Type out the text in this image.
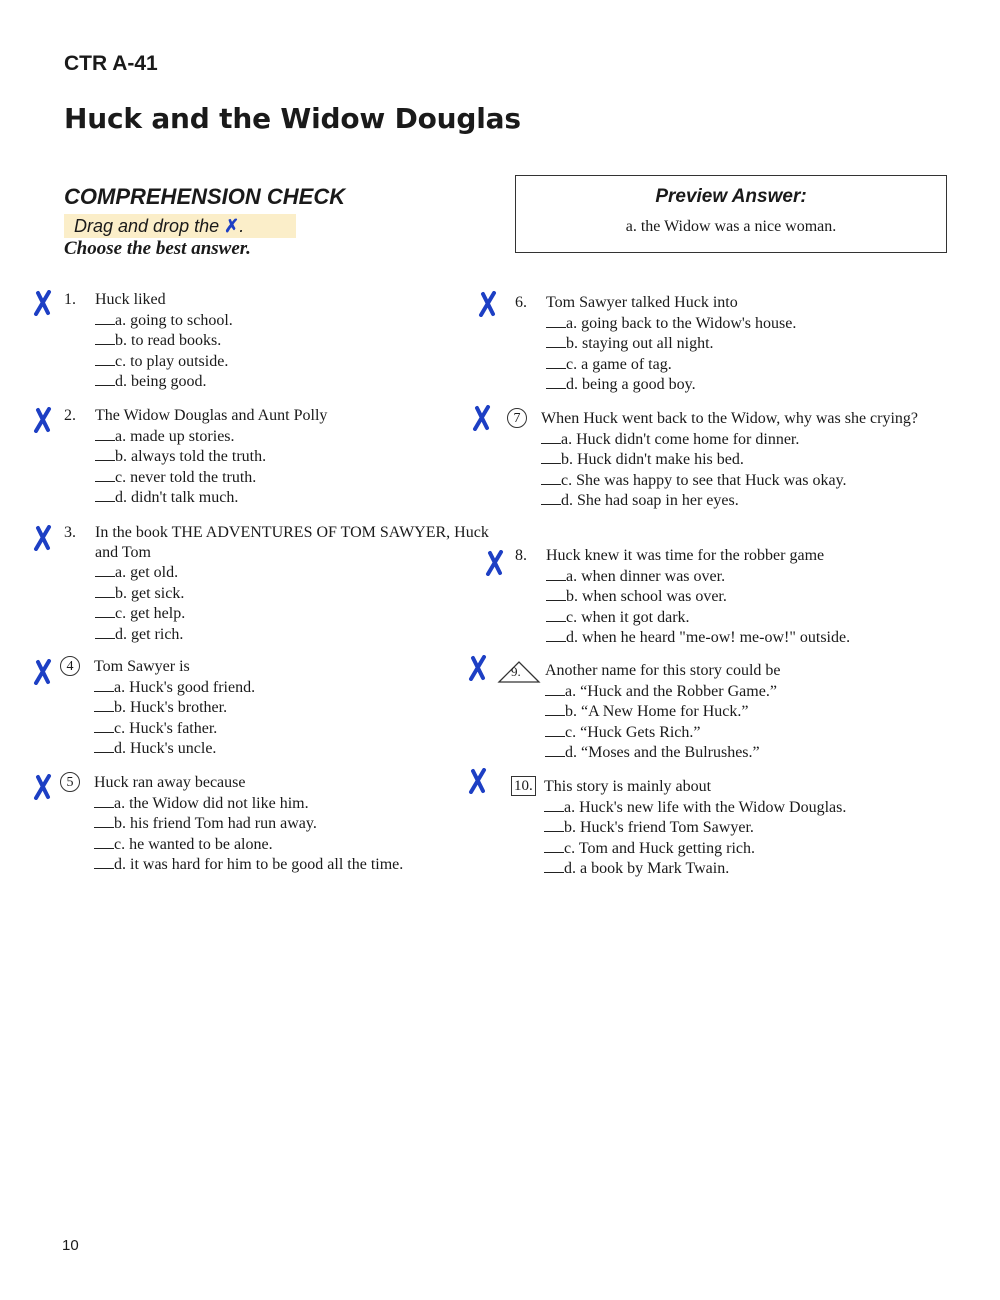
CTR A-41
Huck and the Widow Douglas
COMPREHENSION CHECK
Drag and drop the ✗.
Choose the best answer.
Preview Answer:
a. the Widow was a nice woman.
1.	Huck liked
a. going to school.
b. to read books.
c. to play outside.
d. being good.
2.	The Widow Douglas and Aunt Polly
a. made up stories.
b. always told the truth.
c. never told the truth.
d. didn't talk much.
3.	In the book THE ADVENTURES OF TOM SAWYER, Huck and Tom
a. get old.
b. get sick.
c. get help.
d. get rich.
4	Tom Sawyer is
a. Huck's good friend.
b. Huck's brother.
c. Huck's father.
d. Huck's uncle.
5	Huck ran away because
a. the Widow did not like him.
b. his friend Tom had run away.
c. he wanted to be alone.
d. it was hard for him to be good all the time.
6.	Tom Sawyer talked Huck into
a. going back to the Widow's house.
b. staying out all night.
c. a game of tag.
d. being a good boy.
7	When Huck went back to the Widow, why was she crying?
a. Huck didn't come home for dinner.
b. Huck didn't make his bed.
c. She was happy to see that Huck was okay.
d. She had soap in her eyes.
8.	Huck knew it was time for the robber game
a. when dinner was over.
b. when school was over.
c. when it got dark.
d. when he heard "me-ow! me-ow!" outside.
9.	Another name for this story could be
a. “Huck and the Robber Game.”
b. “A New Home for Huck.”
c. “Huck Gets Rich.”
d. “Moses and the Bulrushes.”
10. This story is mainly about
a. Huck's new life with the Widow Douglas.
b. Huck's friend Tom Sawyer.
c. Tom and Huck getting rich.
d. a book by Mark Twain.
10
